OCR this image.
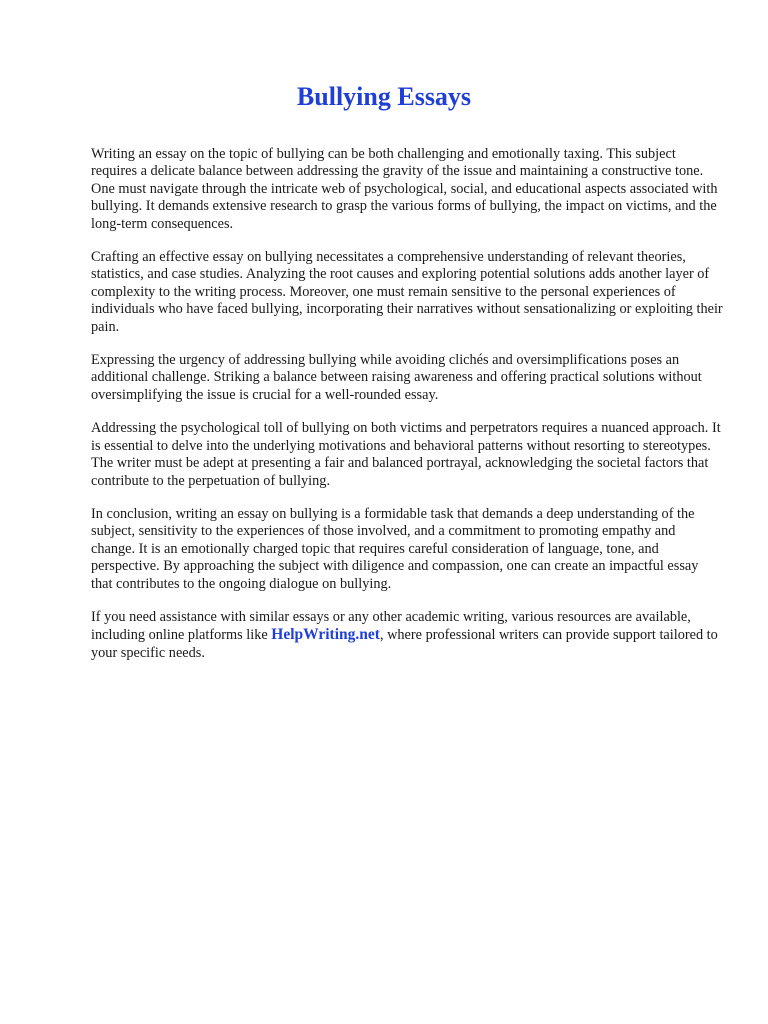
Bullying Essays

Writing an essay on the topic of bullying can be both challenging and emotionally taxing. This subject requires a delicate balance between addressing the gravity of the issue and maintaining a constructive tone. One must navigate through the intricate web of psychological, social, and educational aspects associated with bullying. It demands extensive research to grasp the various forms of bullying, the impact on victims, and the long-term consequences.

Crafting an effective essay on bullying necessitates a comprehensive understanding of relevant theories, statistics, and case studies. Analyzing the root causes and exploring potential solutions adds another layer of complexity to the writing process. Moreover, one must remain sensitive to the personal experiences of individuals who have faced bullying, incorporating their narratives without sensationalizing or exploiting their pain.

Expressing the urgency of addressing bullying while avoiding clichés and oversimplifications poses an additional challenge. Striking a balance between raising awareness and offering practical solutions without oversimplifying the issue is crucial for a well-rounded essay.

Addressing the psychological toll of bullying on both victims and perpetrators requires a nuanced approach. It is essential to delve into the underlying motivations and behavioral patterns without resorting to stereotypes. The writer must be adept at presenting a fair and balanced portrayal, acknowledging the societal factors that contribute to the perpetuation of bullying.

In conclusion, writing an essay on bullying is a formidable task that demands a deep understanding of the subject, sensitivity to the experiences of those involved, and a commitment to promoting empathy and change. It is an emotionally charged topic that requires careful consideration of language, tone, and perspective. By approaching the subject with diligence and compassion, one can create an impactful essay that contributes to the ongoing dialogue on bullying.

If you need assistance with similar essays or any other academic writing, various resources are available, including online platforms like HelpWriting.net, where professional writers can provide support tailored to your specific needs.
